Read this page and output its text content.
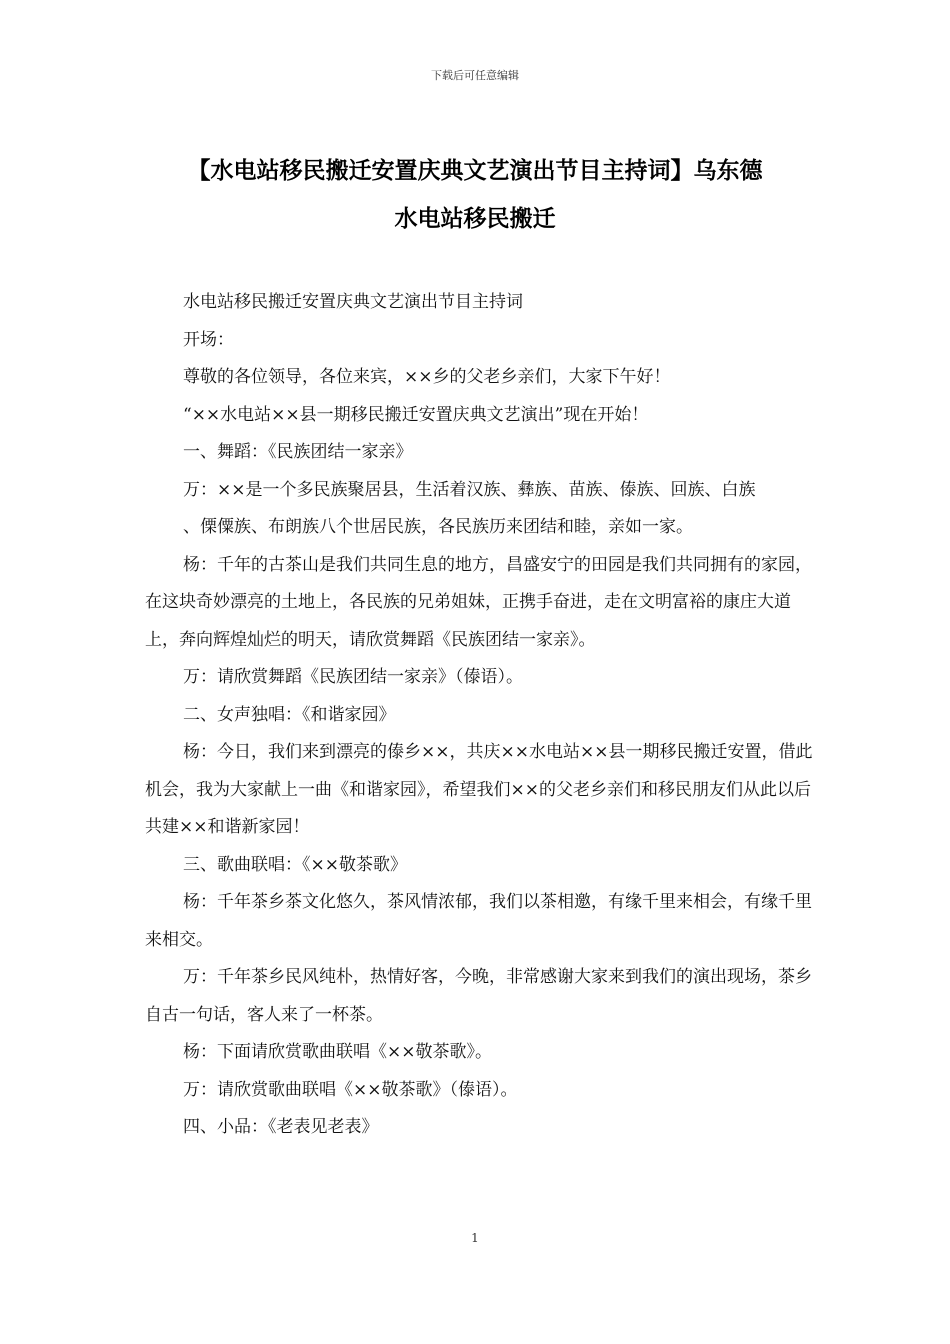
下载后可任意编辑
【水电站移民搬迁安置庆典文艺演出节目主持词】乌东德
水电站移民搬迁

水电站移民搬迁安置庆典文艺演出节目主持词

开场：

尊敬的各位领导，各位来宾，××乡的父老乡亲们，大家下午好！

“××水电站××县一期移民搬迁安置庆典文艺演出”现在开始！

一、舞蹈：《民族团结一家亲》

万：××是一个多民族聚居县，生活着汉族、彝族、苗族、傣族、回族、白族

、傈僳族、布朗族八个世居民族，各民族历来团结和睦，亲如一家。

杨：千年的古茶山是我们共同生息的地方，昌盛安宁的田园是我们共同拥有的家园，在这块奇妙漂亮的土地上，各民族的兄弟姐妹，正携手奋进，走在文明富裕的康庄大道上，奔向辉煌灿烂的明天，请欣赏舞蹈《民族团结一家亲》。

万：请欣赏舞蹈《民族团结一家亲》（傣语）。

二、女声独唱：《和谐家园》

杨：今日，我们来到漂亮的傣乡××，共庆××水电站××县一期移民搬迁安置，借此机会，我为大家献上一曲《和谐家园》，希望我们××的父老乡亲们和移民朋友们从此以后共建××和谐新家园！

三、歌曲联唱：《××敬茶歌》

杨：千年茶乡茶文化悠久，茶风情浓郁，我们以茶相邀，有缘千里来相会，有缘千里来相交。

万：千年茶乡民风纯朴，热情好客，今晚，非常感谢大家来到我们的演出现场，茶乡自古一句话，客人来了一杯茶。

杨：下面请欣赏歌曲联唱《××敬茶歌》。

万：请欣赏歌曲联唱《××敬茶歌》（傣语）。

四、小品：《老表见老表》

1
